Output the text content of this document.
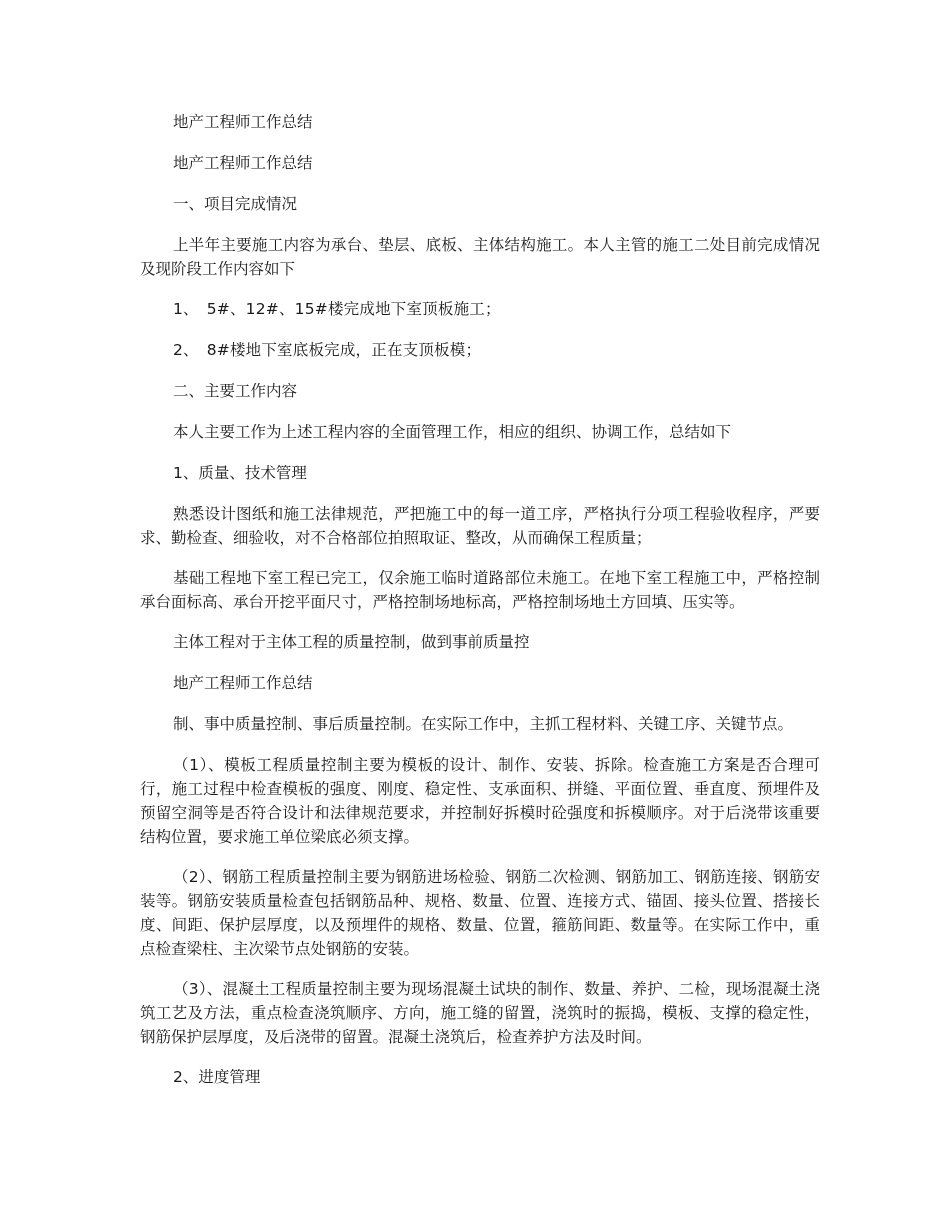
地产工程师工作总结

地产工程师工作总结

一、项目完成情况

上半年主要施工内容为承台、垫层、底板、主体结构施工。本人主管的施工二处目前完成情况及现阶段工作内容如下

1、　5#、12#、15#楼完成地下室顶板施工；

2、　8#楼地下室底板完成，正在支顶板模；

二、主要工作内容

本人主要工作为上述工程内容的全面管理工作，相应的组织、协调工作，总结如下

1、质量、技术管理

熟悉设计图纸和施工法律规范，严把施工中的每一道工序，严格执行分项工程验收程序，严要求、勤检查、细验收，对不合格部位拍照取证、整改，从而确保工程质量；

基础工程地下室工程已完工，仅余施工临时道路部位未施工。在地下室工程施工中，严格控制承台面标高、承台开挖平面尺寸，严格控制场地标高，严格控制场地土方回填、压实等。

主体工程对于主体工程的质量控制，做到事前质量控

地产工程师工作总结

制、事中质量控制、事后质量控制。在实际工作中，主抓工程材料、关键工序、关键节点。

（1）、模板工程质量控制主要为模板的设计、制作、安装、拆除。检查施工方案是否合理可行，施工过程中检查模板的强度、刚度、稳定性、支承面积、拼缝、平面位置、垂直度、预埋件及预留空洞等是否符合设计和法律规范要求，并控制好拆模时砼强度和拆模顺序。对于后浇带该重要结构位置，要求施工单位梁底必须支撑。

（2）、钢筋工程质量控制主要为钢筋进场检验、钢筋二次检测、钢筋加工、钢筋连接、钢筋安装等。钢筋安装质量检查包括钢筋品种、规格、数量、位置、连接方式、锚固、接头位置、搭接长度、间距、保护层厚度，以及预埋件的规格、数量、位置，箍筋间距、数量等。在实际工作中，重点检查梁柱、主次梁节点处钢筋的安装。

（3）、混凝土工程质量控制主要为现场混凝土试块的制作、数量、养护、二检，现场混凝土浇筑工艺及方法，重点检查浇筑顺序、方向，施工缝的留置，浇筑时的振捣，模板、支撑的稳定性，钢筋保护层厚度，及后浇带的留置。混凝土浇筑后，检查养护方法及时间。

2、进度管理
